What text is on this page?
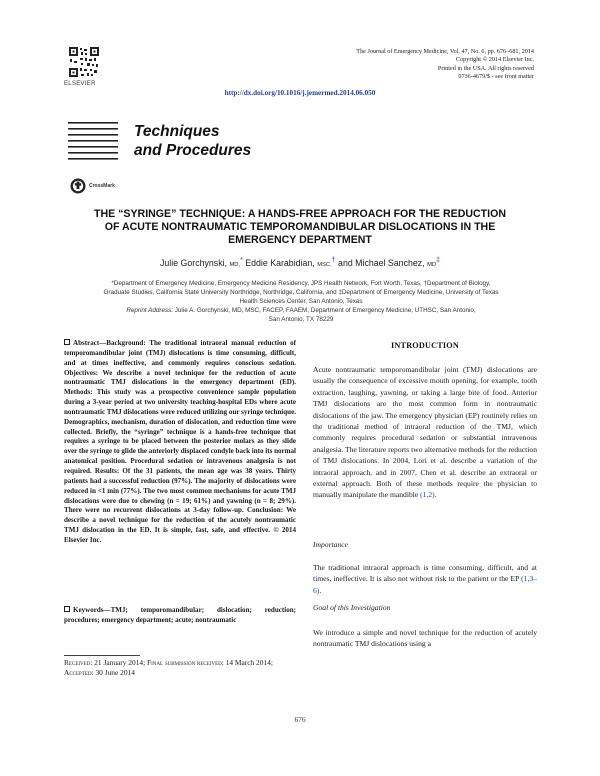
ELSEVIER
The Journal of Emergency Medicine, Vol. 47, No. 6, pp. 676–681, 2014
Copyright © 2014 Elsevier Inc.
Printed in the USA. All rights reserved
0736-4679/$ - see front matter
http://dx.doi.org/10.1016/j.jemermed.2014.06.050
Techniques
and Procedures
CrossMark
THE “SYRINGE” TECHNIQUE: A HANDS-FREE APPROACH FOR THE REDUCTION
OF ACUTE NONTRAUMATIC TEMPOROMANDIBULAR DISLOCATIONS IN THE
EMERGENCY DEPARTMENT
Julie Gorchynski, MD,* Eddie Karabidian, MSC,† and Michael Sanchez, MD‡
*Department of Emergency Medicine, Emergency Medicine Residency, JPS Health Network, Fort Worth, Texas, †Department of Biology,
Graduate Studies, California State University Northridge, Northridge, California, and ‡Department of Emergency Medicine, University of Texas
Health Sciences Center, San Antonio, Texas
Reprint Address: Julie A. Gorchynski, MD, MSC, FACEP, FAAEM, Department of Emergency Medicine, UTHSC, San Antonio,
San Antonio, TX 78229
Abstract—Background: The traditional intraoral manual reduction of temporomandibular joint (TMJ) dislocations is time consuming, difficult, and at times ineffective, and commonly requires conscious sedation. Objectives: We describe a novel technique for the reduction of acute nontraumatic TMJ dislocations in the emergency department (ED). Methods: This study was a prospective convenience sample population during a 3-year period at two university teaching-hospital EDs where acute nontraumatic TMJ dislocations were reduced utilizing our syringe technique. Demographics, mechanism, duration of dislocation, and reduction time were collected. Briefly, the “syringe” technique is a hands-free technique that requires a syringe to be placed between the posterior molars as they slide over the syringe to glide the anteriorly displaced condyle back into its normal anatomical position. Procedural sedation or intravenous analgesia is not required. Results: Of the 31 patients, the mean age was 38 years. Thirty patients had a successful reduction (97%). The majority of dislocations were reduced in <1 min (77%). The two most common mechanisms for acute TMJ dislocations were due to chewing (n = 19; 61%) and yawning (n = 8; 29%). There were no recurrent dislocations at 3-day follow-up. Conclusion: We describe a novel technique for the reduction of the acutely nontraumatic TMJ dislocation in the ED. It is simple, fast, safe, and effective. © 2014 Elsevier Inc.
Keywords—TMJ; temporomandibular; dislocation; reduction; procedures; emergency department; acute; nontraumatic
INTRODUCTION
Acute nontraumatic temporomandibular joint (TMJ) dislocations are usually the consequence of excessive mouth opening, for example, tooth extraction, laughing, yawning, or taking a large bite of food. Anterior TMJ dislocations are the most common form in nontraumatic dislocations of the jaw. The emergency physician (EP) routinely relies on the traditional method of intraoral reduction of the TMJ, which commonly requires procedural sedation or substantial intravenous analgesia. The literature reports two alternative methods for the reduction of TMJ dislocations. In 2004, Lori et al. describe a variation of the intraoral approach, and in 2007, Chen et al. describe an extraoral or external approach. Both of these methods require the physician to manually manipulate the mandible (1,2).
Importance
The traditional intraoral approach is time consuming, difficult, and at times, ineffective. It is also not without risk to the patient or the EP (1,3–6).
Goal of this Investigation
We introduce a simple and novel technique for the reduction of acutely nontraumatic TMJ dislocations using a
Received: 21 January 2014; Final submission received: 14 March 2014;
Accepted: 30 June 2014
676
